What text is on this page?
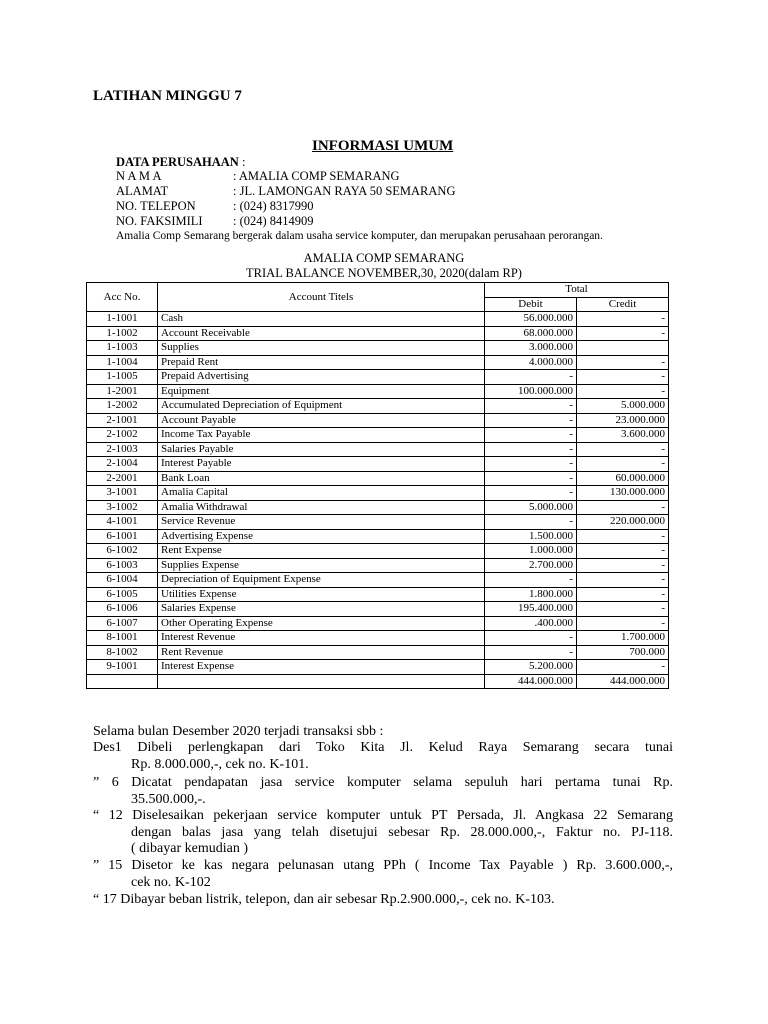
LATIHAN MINGGU 7
INFORMASI UMUM
DATA PERUSAHAAN :
N A M A	: AMALIA COMP SEMARANG
ALAMAT	: JL. LAMONGAN RAYA 50 SEMARANG
NO. TELEPON	: (024) 8317990
NO. FAKSIMILI : (024) 8414909
Amalia Comp Semarang bergerak dalam usaha service komputer, dan merupakan perusahaan perorangan.
AMALIA COMP SEMARANG
TRIAL BALANCE NOVEMBER,30, 2020(dalam RP)
Acc No.	Account Titels	Total	
		Debit	Credit
1-1001	Cash	56.000.000	-
1-1002	Account Receivable	68.000.000	-
1-1003	Supplies	3.000.000	
1-1004	Prepaid Rent	4.000.000	-
1-1005	Prepaid Advertising	-	-
1-2001	Equipment	100.000.000	-
1-2002	Accumulated Depreciation of Equipment	-	5.000.000
2-1001	Account Payable	-	23.000.000
2-1002	Income Tax Payable	-	3.600.000
2-1003	Salaries Payable	-	-
2-1004	Interest Payable	-	-
2-2001	Bank Loan	-	60.000.000
3-1001	Amalia Capital	-	130.000.000
3-1002	Amalia Withdrawal	5.000.000	-
4-1001	Service Revenue	-	220.000.000
6-1001	Advertising Expense	1.500.000	-
6-1002	Rent Expense	1.000.000	-
6-1003	Supplies Expense	2.700.000	-
6-1004	Depreciation of Equipment Expense	-	-
6-1005	Utilities Expense	1.800.000	-
6-1006	Salaries Expense	195.400.000	-
6-1007	Other Operating Expense	.400.000	-
8-1001	Interest Revenue	-	1.700.000
8-1002	Rent Revenue	-	700.000
9-1001	Interest Expense	5.200.000	-
		444.000.000	444.000.000
Selama bulan Desember 2020 terjadi transaksi sbb :
Des1 Dibeli perlengkapan dari Toko Kita Jl. Kelud Raya Semarang secara tunai
Rp. 8.000.000,-, cek no. K-101.
” 6 Dicatat pendapatan jasa service komputer selama sepuluh hari pertama tunai Rp.
35.500.000,-.
“ 12 Diselesaikan pekerjaan service komputer untuk PT Persada, Jl. Angkasa 22 Semarang
dengan balas jasa yang telah disetujui sebesar Rp. 28.000.000,-, Faktur no. PJ-118.
( dibayar kemudian )
” 15 Disetor ke kas negara pelunasan utang PPh ( Income Tax Payable ) Rp. 3.600.000,-,
cek no. K-102
“ 17 Dibayar beban listrik, telepon, dan air sebesar Rp.2.900.000,-, cek no. K-103.
